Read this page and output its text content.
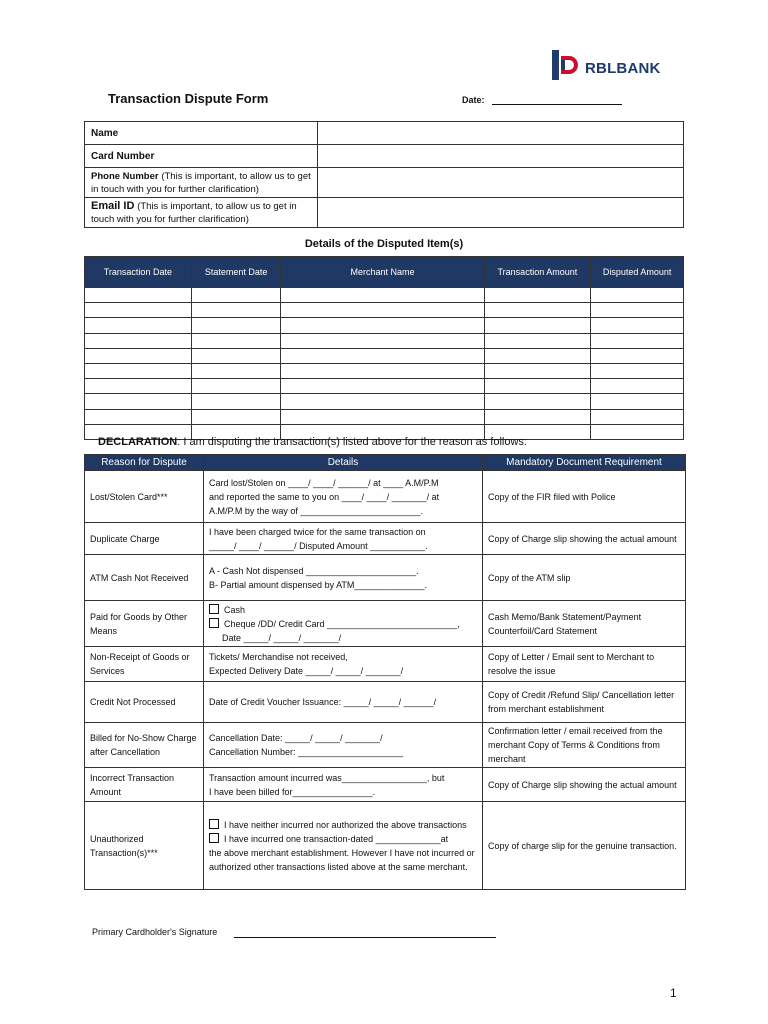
RBLBANK
Transaction Dispute Form	Date:
Name	
Card Number	
Phone Number (This is important, to allow us to get in touch with you for further clarification)	
Email ID (This is important, to allow us to get in touch with you for further clarification)	
Details of the Disputed Item(s)
Transaction Date	Statement Date	Merchant Name	Transaction Amount	Disputed Amount

DECLARATION: I am disputing the transaction(s) listed above for the reason as follows:
Reason for Dispute	Details	Mandatory Document Requirement
Lost/Stolen Card***	Card lost/Stolen on ____/ ____/ ______/ at ____ A.M/P.M
and reported the same to you on ____/ ____/ _______/ at
A.M/P.M by the way of ________________________.	Copy of the FIR filed with Police
Duplicate Charge	I have been charged twice for the same transaction on
_____/ ____/ ______/ Disputed Amount ___________.	Copy of Charge slip showing the actual amount
ATM Cash Not Received	A - Cash Not dispensed ______________________.
B- Partial amount dispensed by ATM______________.	Copy of the ATM slip
Paid for Goods by Other Means	Cash
Cheque /DD/ Credit Card __________________________,
Date _____/ _____/ _______/	Cash Memo/Bank Statement/Payment Counterfoil/Card Statement
Non-Receipt of Goods or Services	Tickets/ Merchandise not received,
Expected Delivery Date _____/ _____/ _______/	Copy of Letter / Email sent to Merchant to resolve the issue
Credit Not Processed	Date of Credit Voucher Issuance: _____/ _____/ ______/	Copy of Credit /Refund Slip/ Cancellation letter from merchant establishment
Billed for No-Show Charge after Cancellation	Cancellation Date: _____/ _____/ _______/
Cancellation Number: _____________________	Confirmation letter / email received from the merchant Copy of Terms & Conditions from merchant
Incorrect Transaction Amount	Transaction amount incurred was_________________, but
I have been billed for________________.	Copy of Charge slip showing the actual amount
Unauthorized Transaction(s)***	I have neither incurred nor authorized the above transactions
I have incurred one transaction-dated _____________at
the above merchant establishment. However I have not incurred or authorized other transactions listed above at the same merchant.	Copy of charge slip for the genuine transaction.
Primary Cardholder's Signature
1
